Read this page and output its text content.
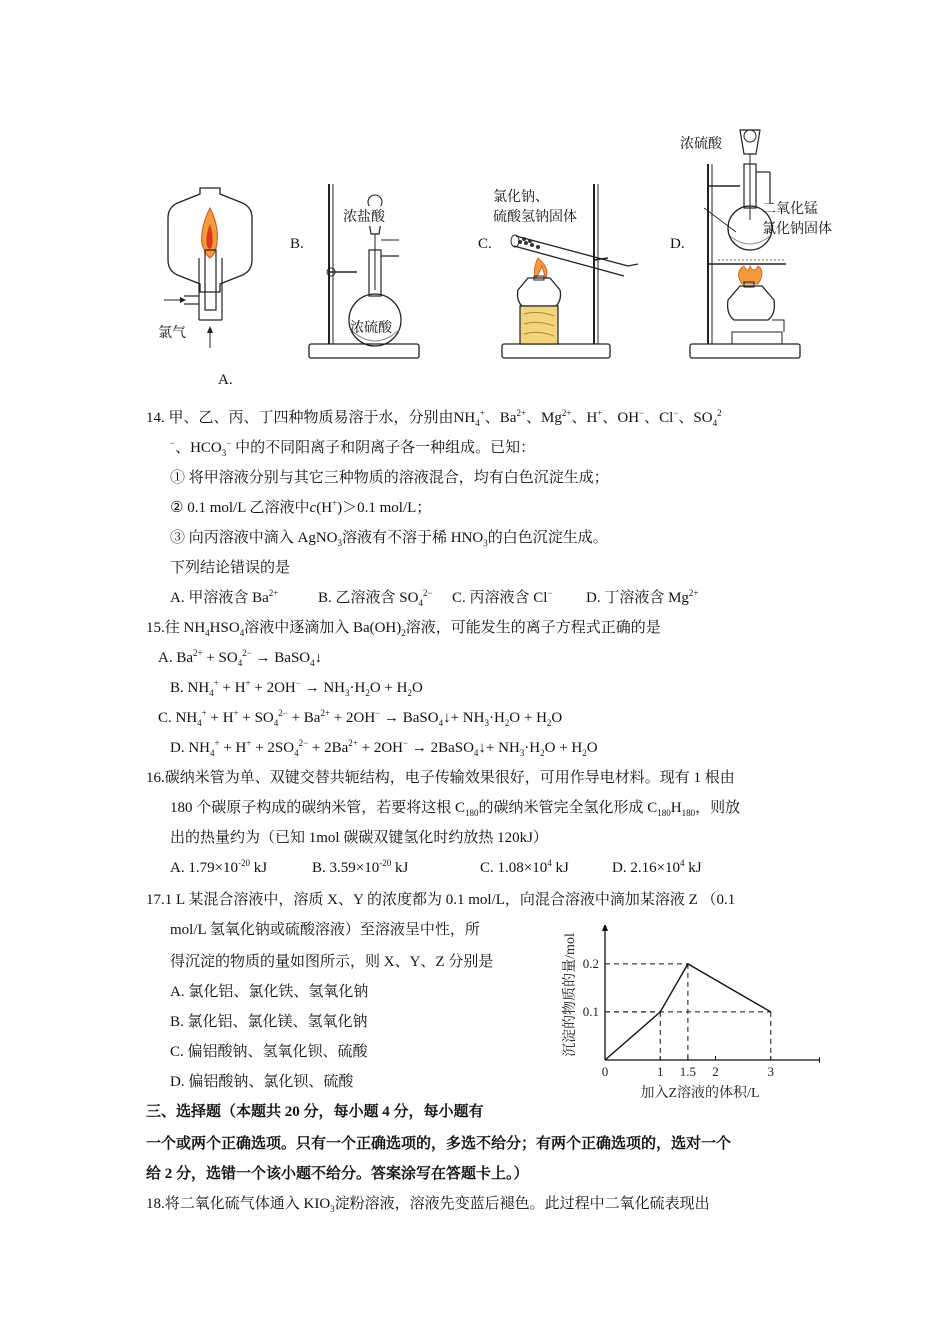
氯气
A.
B.
浓盐酸
浓硫酸
C.
氯化钠、
硫酸氢钠固体
D.
浓硫酸
二氧化锰
氯化钠固体
14. 甲、乙、丙、丁四种物质易溶于水，分别由$NH_4^+$、$Ba^{2+}$、$Mg^{2+}$、H+、OH−、Cl−、$SO_4^2$
−、$HCO_3^-$ 中的不同阳离子和阴离子各一种组成。已知：
① 将甲溶液分别与其它三种物质的溶液混合，均有白色沉淀生成；
② 0.1 mol/L 乙溶液中c(H+)＞0.1 mol/L；
③ 向丙溶液中滴入 AgNO$_3$溶液有不溶于稀 $HNO_3$的白色沉淀生成。
下列结论错误的是
A. 甲溶液含 $Ba^{2+}$	B. 乙溶液含 $SO_4^{2-}$ C. 丙溶液含 Cl− D. 丁溶液含 $Mg^{2+}$
15.往 $NH_4HSO_4$溶液中逐滴加入 $Ba(OH)_2$溶液，可能发生的离子方程式正确的是
A. $Ba^{2+} + SO_4^{2-}$ → BaSO$_4$↓
B. $NH_4^+ + H^+ + 2OH^- \to NH_3\cdot H_2O + H_2O$
C. $NH_4^+ + H^+ + SO_4^{2-} + Ba^{2+} + 2OH^-$ → BaSO$_4$↓+ $NH_3\cdot H_2O + H_2O$
D. $NH_4^+ + H^+ + 2SO_4^{2-} + 2Ba^{2+} + 2OH^-$ → 2BaSO$_4$↓+ $NH_3\cdot H_2O + H_2O$
16.碳纳米管为单、双键交替共轭结构，电子传输效果很好，可用作导电材料。现有 1 根由
180 个碳原子构成的碳纳米管，若要将这根 $C_{180}$的碳纳米管完全氢化形成 $C_{180}H_{180}$，则放
出的热量约为（已知 1mol 碳碳双键氢化时约放热 120kJ）
A. $1.79\times 10^{-20}$ kJ	B. $3.59\times 10^{-20}$ kJ	C. $1.08\times 10^4$ kJ	D. $2.16\times 10^4$ kJ
17.1 L 某混合溶液中，溶质 X、Y 的浓度都为 0.1 mol/L，向混合溶液中滴加某溶液 Z （0.1
mol/L 氢氧化钠或硫酸溶液）至溶液呈中性，所
得沉淀的物质的量如图所示，则 X、Y、Z 分别是
A. 氯化铝、氯化铁、氢氧化钠
B. 氯化铝、氯化镁、氢氧化钠
C. 偏铝酸钠、氢氧化钡、硫酸
D. 偏铝酸钠、氯化钡、硫酸
0	1 1.5 2	3
0.1
0.2
沉淀的物质的量/mol
加入Z溶液的体积/L
三、选择题（本题共 20 分，每小题 4 分，每小题有
一个或两个正确选项。只有一个正确选项的，多选不给分；有两个正确选项的，选对一个
给 2 分，选错一个该小题不给分。答案涂写在答题卡上。）
18.将二氧化硫气体通入 $KIO_3$淀粉溶液，溶液先变蓝后褪色。此过程中二氧化硫表现出
